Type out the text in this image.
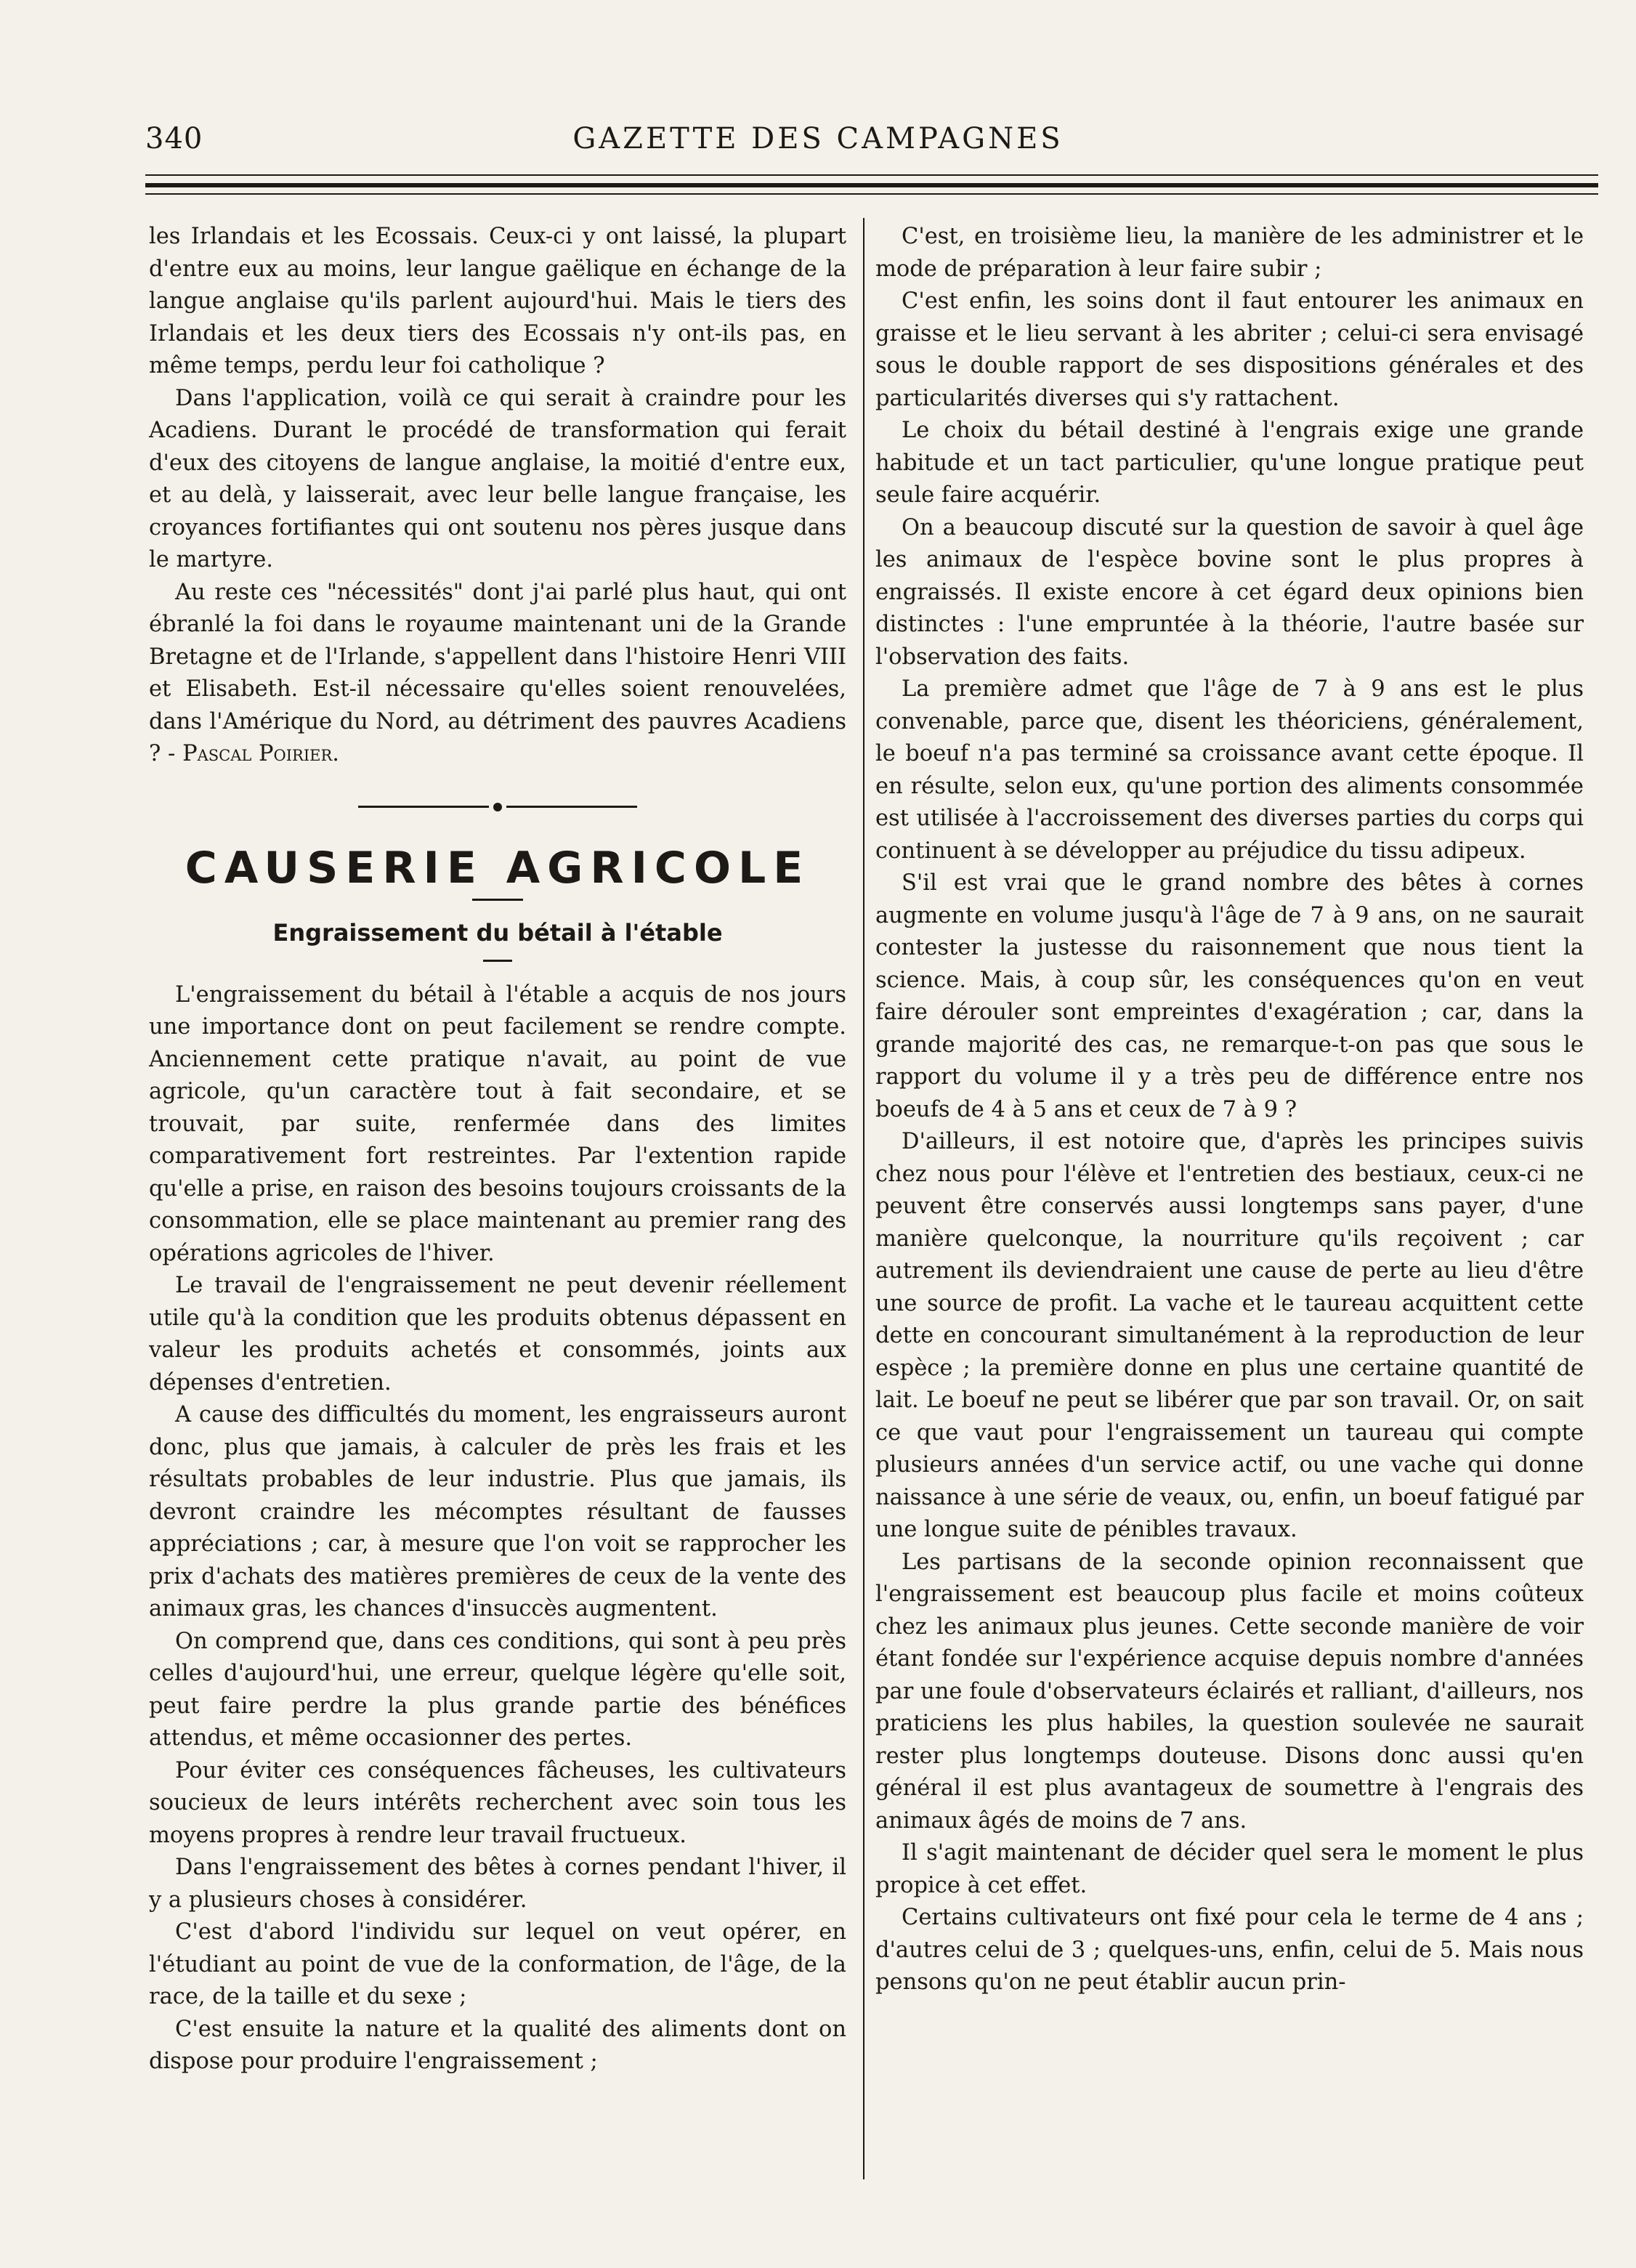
340	GAZETTE DES CAMPAGNES

les Irlandais et les Ecossais. Ceux-ci y ont laissé, la plupart d'entre eux au moins, leur langue gaëlique en échange de la langue anglaise qu'ils parlent aujourd'hui. Mais le tiers des Irlandais et les deux tiers des Ecossais n'y ont-ils pas, en même temps, perdu leur foi catholique ?

Dans l'application, voilà ce qui serait à craindre pour les Acadiens. Durant le procédé de transformation qui ferait d'eux des citoyens de langue anglaise, la moitié d'entre eux, et au delà, y laisserait, avec leur belle langue française, les croyances fortifiantes qui ont soutenu nos pères jusque dans le martyre.

Au reste ces "nécessités" dont j'ai parlé plus haut, qui ont ébranlé la foi dans le royaume maintenant uni de la Grande Bretagne et de l'Irlande, s'appellent dans l'histoire Henri VIII et Elisabeth. Est-il nécessaire qu'elles soient renouvelées, dans l'Amérique du Nord, au détriment des pauvres Acadiens ? - Pascal Poirier.

CAUSERIE AGRICOLE
Engraissement du bétail à l'étable

L'engraissement du bétail à l'étable a acquis de nos jours une importance dont on peut facilement se rendre compte. Anciennement cette pratique n'avait, au point de vue agricole, qu'un caractère tout à fait secondaire, et se trouvait, par suite, renfermée dans des limites comparativement fort restreintes. Par l'extention rapide qu'elle a prise, en raison des besoins toujours croissants de la consommation, elle se place maintenant au premier rang des opérations agricoles de l'hiver.

Le travail de l'engraissement ne peut devenir réellement utile qu'à la condition que les produits obtenus dépassent en valeur les produits achetés et consommés, joints aux dépenses d'entretien.

A cause des difficultés du moment, les engraisseurs auront donc, plus que jamais, à calculer de près les frais et les résultats probables de leur industrie. Plus que jamais, ils devront craindre les mécomptes résultant de fausses appréciations ; car, à mesure que l'on voit se rapprocher les prix d'achats des matières premières de ceux de la vente des animaux gras, les chances d'insuccès augmentent.

On comprend que, dans ces conditions, qui sont à peu près celles d'aujourd'hui, une erreur, quelque légère qu'elle soit, peut faire perdre la plus grande partie des bénéfices attendus, et même occasionner des pertes.

Pour éviter ces conséquences fâcheuses, les cultivateurs soucieux de leurs intérêts recherchent avec soin tous les moyens propres à rendre leur travail fructueux.

Dans l'engraissement des bêtes à cornes pendant l'hiver, il y a plusieurs choses à considérer.

C'est d'abord l'individu sur lequel on veut opérer, en l'étudiant au point de vue de la conformation, de l'âge, de la race, de la taille et du sexe ;

C'est ensuite la nature et la qualité des aliments dont on dispose pour produire l'engraissement ;

C'est, en troisième lieu, la manière de les administrer et le mode de préparation à leur faire subir ;

C'est enfin, les soins dont il faut entourer les animaux en graisse et le lieu servant à les abriter ; celui-ci sera envisagé sous le double rapport de ses dispositions générales et des particularités diverses qui s'y rattachent.

Le choix du bétail destiné à l'engrais exige une grande habitude et un tact particulier, qu'une longue pratique peut seule faire acquérir.

On a beaucoup discuté sur la question de savoir à quel âge les animaux de l'espèce bovine sont le plus propres à engraissés. Il existe encore à cet égard deux opinions bien distinctes : l'une empruntée à la théorie, l'autre basée sur l'observation des faits.

La première admet que l'âge de 7 à 9 ans est le plus convenable, parce que, disent les théoriciens, généralement, le boeuf n'a pas terminé sa croissance avant cette époque. Il en résulte, selon eux, qu'une portion des aliments consommée est utilisée à l'accroissement des diverses parties du corps qui continuent à se développer au préjudice du tissu adipeux.

S'il est vrai que le grand nombre des bêtes à cornes augmente en volume jusqu'à l'âge de 7 à 9 ans, on ne saurait contester la justesse du raisonnement que nous tient la science. Mais, à coup sûr, les conséquences qu'on en veut faire dérouler sont empreintes d'exagération ; car, dans la grande majorité des cas, ne remarque-t-on pas que sous le rapport du volume il y a très peu de différence entre nos boeufs de 4 à 5 ans et ceux de 7 à 9 ?

D'ailleurs, il est notoire que, d'après les principes suivis chez nous pour l'élève et l'entretien des bestiaux, ceux-ci ne peuvent être conservés aussi longtemps sans payer, d'une manière quelconque, la nourriture qu'ils reçoivent ; car autrement ils deviendraient une cause de perte au lieu d'être une source de profit. La vache et le taureau acquittent cette dette en concourant simultanément à la reproduction de leur espèce ; la première donne en plus une certaine quantité de lait. Le boeuf ne peut se libérer que par son travail. Or, on sait ce que vaut pour l'engraissement un taureau qui compte plusieurs années d'un service actif, ou une vache qui donne naissance à une série de veaux, ou, enfin, un boeuf fatigué par une longue suite de pénibles travaux.

Les partisans de la seconde opinion reconnaissent que l'engraissement est beaucoup plus facile et moins coûteux chez les animaux plus jeunes. Cette seconde manière de voir étant fondée sur l'expérience acquise depuis nombre d'années par une foule d'observateurs éclairés et ralliant, d'ailleurs, nos praticiens les plus habiles, la question soulevée ne saurait rester plus longtemps douteuse. Disons donc aussi qu'en général il est plus avantageux de soumettre à l'engrais des animaux âgés de moins de 7 ans.

Il s'agit maintenant de décider quel sera le moment le plus propice à cet effet.

Certains cultivateurs ont fixé pour cela le terme de 4 ans ; d'autres celui de 3 ; quelques-uns, enfin, celui de 5. Mais nous pensons qu'on ne peut établir aucun prin-
